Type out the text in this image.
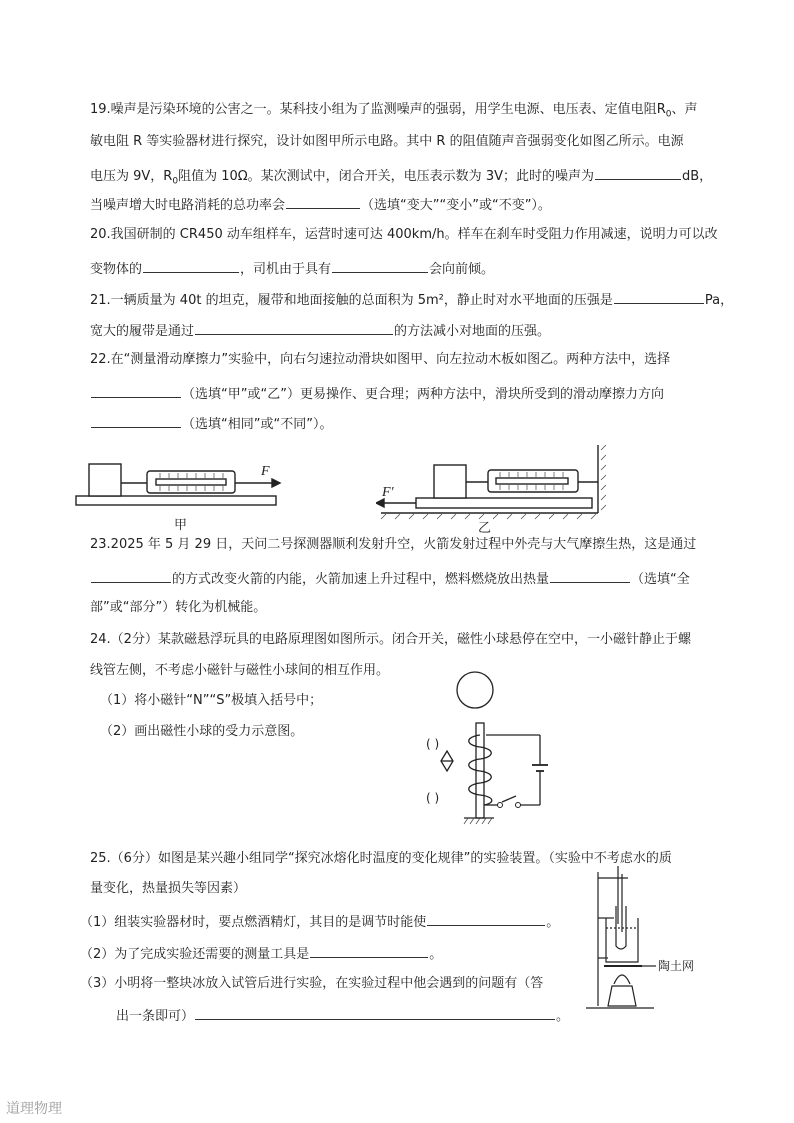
19.噪声是污染环境的公害之一。某科技小组为了监测噪声的强弱，用学生电源、电压表、定值电阻$R_0$、声
敏电阻 R 等实验器材进行探究，设计如图甲所示电路。其中 R 的阻值随声音强弱变化如图乙所示。电源
电压为 9V，$R_0$阻值为 10Ω。某次测试中，闭合开关，电压表示数为 3V；此时的噪声为	dB，
当噪声增大时电路消耗的总功率会	（选填“变大”“变小”或“不变”）。
20.我国研制的 CR450 动车组样车，运营时速可达 400km/h。样车在刹车时受阻力作用减速，说明力可以改
变物体的	，司机由于具有	会向前倾。
21.一辆质量为 40t 的坦克，履带和地面接触的总面积为 5m²，静止时对水平地面的压强是	Pa，
宽大的履带是通过	的方法减小对地面的压强。
22.在“测量滑动摩擦力”实验中，向右匀速拉动滑块如图甲、向左拉动木板如图乙。两种方法中，选择
（选填“甲”或“乙”）更易操作、更合理；两种方法中，滑块所受到的滑动摩擦力方向
（选填“相同”或“不同”）。
F
甲
F′
乙
23.2025 年 5 月 29 日，天问二号探测器顺利发射升空，火箭发射过程中外壳与大气摩擦生热，这是通过
的方式改变火箭的内能，火箭加速上升过程中，燃料燃烧放出热量	（选填“全
部”或“部分”）转化为机械能。
24.（2分）某款磁悬浮玩具的电路原理图如图所示。闭合开关，磁性小球悬停在空中，一小磁针静止于螺
线管左侧，不考虑小磁针与磁性小球间的相互作用。
（1）将小磁针“N”“S”极填入括号中；
（2）画出磁性小球的受力示意图。
( )
( )
25.（6分）如图是某兴趣小组同学“探究冰熔化时温度的变化规律”的实验装置。（实验中不考虑水的质
量变化，热量损失等因素）
（1）组装实验器材时，要点燃酒精灯，其目的是调节时能使	。
（2）为了完成实验还需要的测量工具是	。
（3）小明将一整块冰放入试管后进行实验，在实验过程中他会遇到的问题有（答
出一条即可）	。
陶土网
道理物理
